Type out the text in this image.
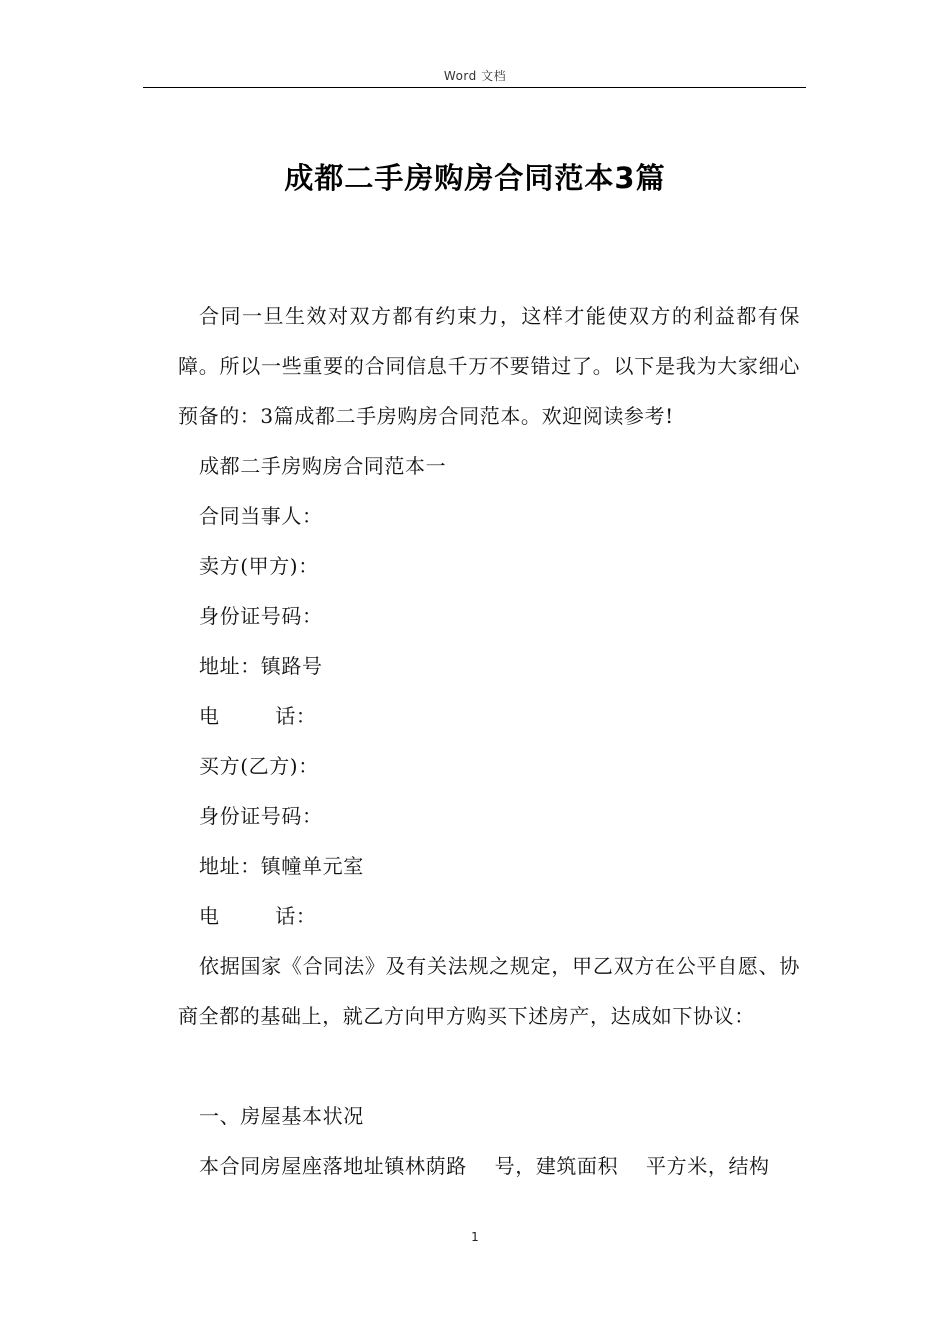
Word 文档
成都二手房购房合同范本3篇

合同一旦生效对双方都有约束力，这样才能使双方的利益都有保障。所以一些重要的合同信息千万不要错过了。以下是我为大家细心预备的：3篇成都二手房购房合同范本。欢迎阅读参考!

成都二手房购房合同范本一

合同当事人：

卖方(甲方)：

身份证号码：

地址：镇路号

电        话：

买方(乙方)：

身份证号码：

地址：镇幢单元室

电        话：

依据国家《合同法》及有关法规之规定，甲乙双方在公平自愿、协商全都的基础上，就乙方向甲方购买下述房产，达成如下协议：

一、房屋基本状况

本合同房屋座落地址镇林荫路    号，建筑面积    平方米，结构

1
